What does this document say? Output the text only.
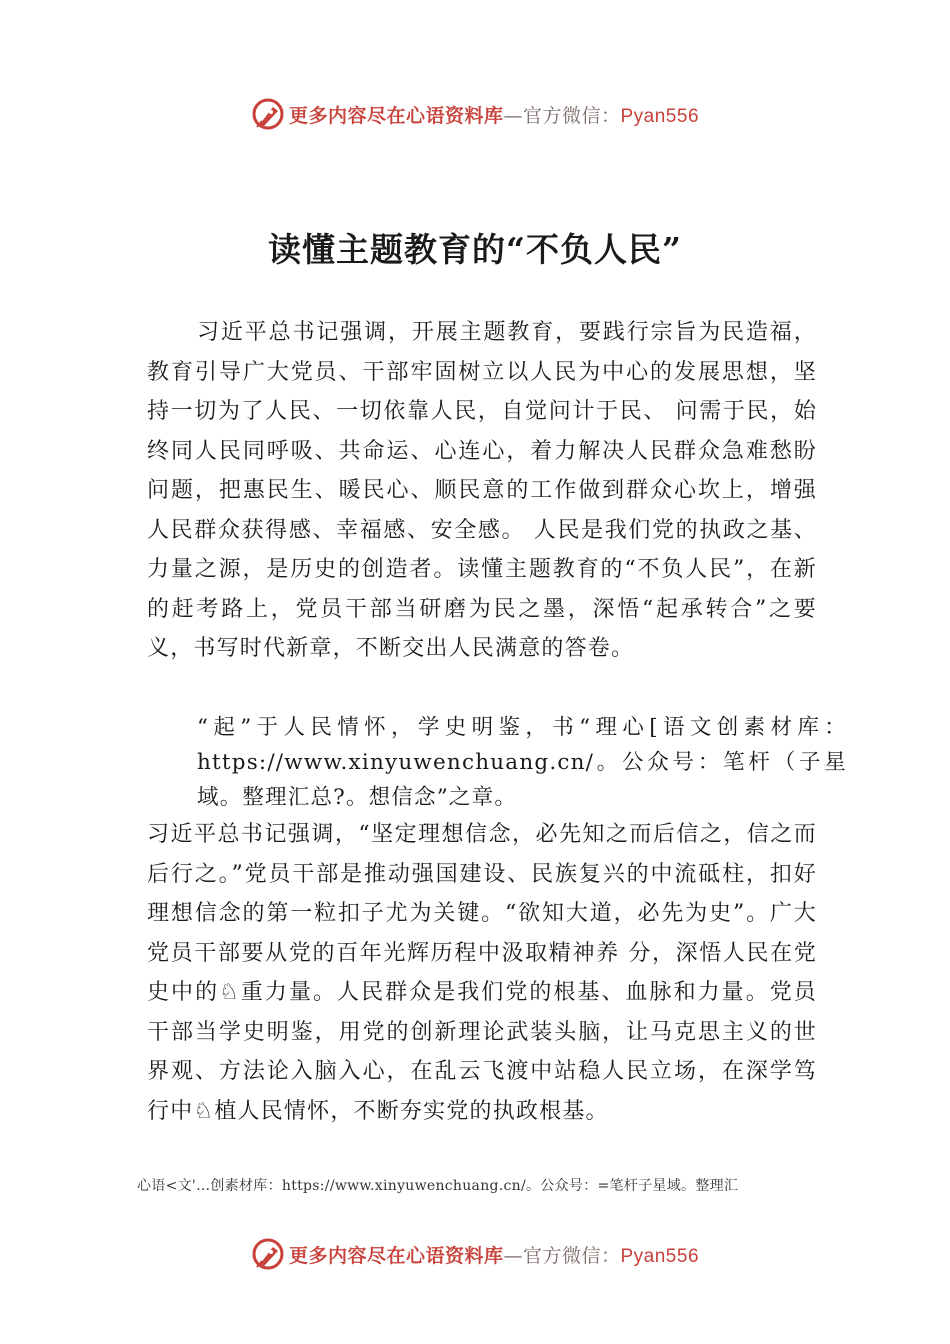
更多内容尽在心语资料库—官方微信：Pyan556
读懂主题教育的“不负人民”

习近平总书记强调，开展主题教育，要践行宗旨为民造福，教育引导广大党员、干部牢固树立以人民为中心的发展思想，坚持一切为了人民、一切依靠人民，自觉问计于民、 问需于民，始终同人民同呼吸、共命运、心连心，着力解决人民群众急难愁盼问题，把惠民生、暖民心、顺民意的工作做到群众心坎上，增强人民群众获得感、幸福感、安全感。 人民是我们党的执政之基、力量之源，是历史的创造者。读懂主题教育的“不负人民”，在新的赶考路上，党员干部当研磨为民之墨，深悟“起承转合”之要义，书写时代新章，不断交出人民满意的答卷。

“起”于人民情怀，学史明鉴，书“理心[语文创素材库：https://www.xinyuwenchuang.cn/。公众号：笔杆（子星域。整理汇总?。想信念”之章。

习近平总书记强调，“坚定理想信念，必先知之而后信之，信之而后行之。”党员干部是推动强国建设、民族复兴的中流砥柱，扣好理想信念的第一粒扣子尤为关键。“欲知大道，必先为史”。广大党员干部要从党的百年光辉历程中汲取精神养 分，深悟人民在党史中的♘重力量。人民群众是我们党的根基、血脉和力量。党员干部当学史明鉴，用党的创新理论武装头脑，让马克思主义的世界观、方法论入脑入心，在乱云飞渡中站稳人民立场，在深学笃行中♘植人民情怀，不断夯实党的执政根基。

心语<文'…创素材库：https://www.xinyuwenchuang.cn/。公众号：=笔杆子星域。整理汇

更多内容尽在心语资料库—官方微信：Pyan556
